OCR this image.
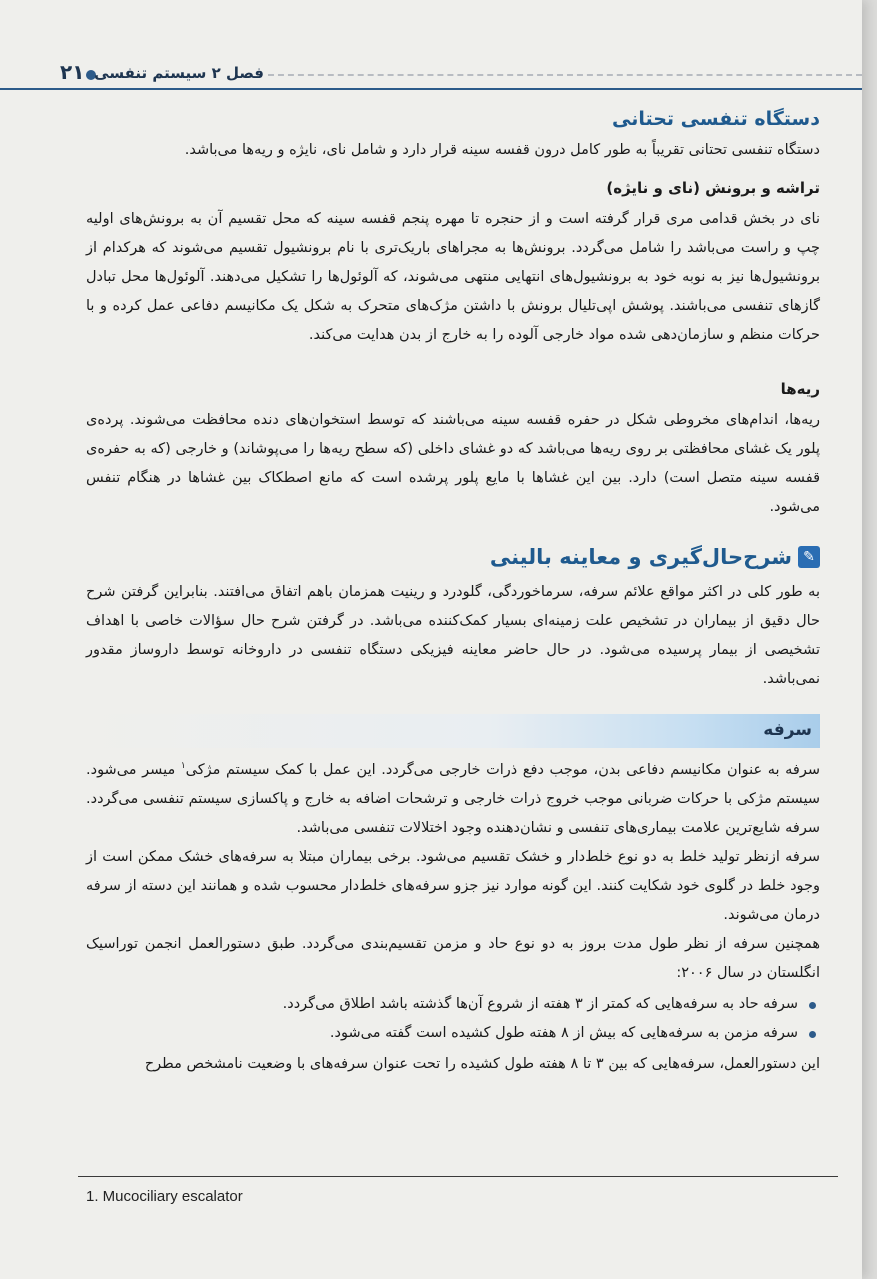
۲۱ فصل ۲ سیستم تنفسی
دستگاه تنفسی تحتانی

دستگاه تنفسی تحتانی تقریباً به طور کامل درون قفسه سینه قرار دارد و شامل نای، نایژه و ریه‌ها می‌باشد.

تراشه و برونش (نای و نایژه)

نای در بخش قدامی مری قرار گرفته است و از حنجره تا مهره پنجم قفسه سینه که محل تقسیم آن به برونش‌های اولیه چپ و راست می‌باشد را شامل می‌گردد. برونش‌ها به مجراهای باریک‌تری با نام برونشیول تقسیم می‌شوند که هرکدام از برونشیول‌ها نیز به نوبه خود به برونشیول‌های انتهایی منتهی می‌شوند، که آلوئول‌ها را تشکیل می‌دهند. آلوئول‌ها محل تبادل گازهای تنفسی می‌باشند. پوشش اپی‌تلیال برونش با داشتن مژک‌های متحرک به شکل یک مکانیسم دفاعی عمل کرده و با حرکات منظم و سازمان‌دهی شده مواد خارجی آلوده را به خارج از بدن هدایت می‌کند.

ریه‌ها

ریه‌ها، اندام‌های مخروطی شکل در حفره قفسه سینه می‌باشند که توسط استخوان‌های دنده محافظت می‌شوند. پرده‌ی پلور یک غشای محافظتی بر روی ریه‌ها می‌باشد که دو غشای داخلی (که سطح ریه‌ها را می‌پوشاند) و خارجی (که به حفره‌ی قفسه سینه متصل است) دارد. بین این غشاها با مایع پلور پرشده است که مانع اصطکاک بین غشاها در هنگام تنفس می‌شود.

✎
شرح‌حال‌گیری و معاینه بالینی

به طور کلی در اکثر مواقع علائم سرفه، سرماخوردگی، گلودرد و رینیت همزمان باهم اتفاق می‌افتند. بنابراین گرفتن شرح حال دقیق از بیماران در تشخیص علت زمینه‌ای بسیار کمک‌کننده می‌باشد. در گرفتن شرح حال سؤالات خاصی با اهداف تشخیصی از بیمار پرسیده می‌شود. در حال حاضر معاینه فیزیکی دستگاه تنفسی در داروخانه توسط داروساز مقدور نمی‌باشد.

سرفه

سرفه به عنوان مکانیسم دفاعی بدن، موجب دفع ذرات خارجی می‌گردد. این عمل با کمک سیستم مژکی$^۱$ میسر می‌شود. سیستم مژکی با حرکات ضربانی موجب خروج ذرات خارجی و ترشحات اضافه به خارج و پاکسازی سیستم تنفسی می‌گردد. سرفه شایع‌ترین علامت بیماری‌های تنفسی و نشان‌دهنده وجود اختلالات تنفسی می‌باشد.

سرفه ازنظر تولید خلط به دو نوع خلط‌دار و خشک تقسیم می‌شود. برخی بیماران مبتلا به سرفه‌های خشک ممکن است از وجود خلط در گلوی خود شکایت کنند. این گونه موارد نیز جزو سرفه‌های خلط‌دار محسوب شده و همانند این دسته از سرفه درمان می‌شوند.

همچنین سرفه از نظر طول مدت بروز به دو نوع حاد و مزمن تقسیم‌بندی می‌گردد. طبق دستورالعمل انجمن توراسیک انگلستان در سال ۲۰۰۶:

سرفه حاد به سرفه‌هایی که کمتر از ۳ هفته از شروع آن‌ها گذشته باشد اطلاق می‌گردد.
سرفه مزمن به سرفه‌هایی که بیش از ۸ هفته طول کشیده است گفته می‌شود.

این دستورالعمل، سرفه‌هایی که بین ۳ تا ۸ هفته طول کشیده را تحت عنوان سرفه‌های با وضعیت نامشخص مطرح

1. Mucociliary escalator
